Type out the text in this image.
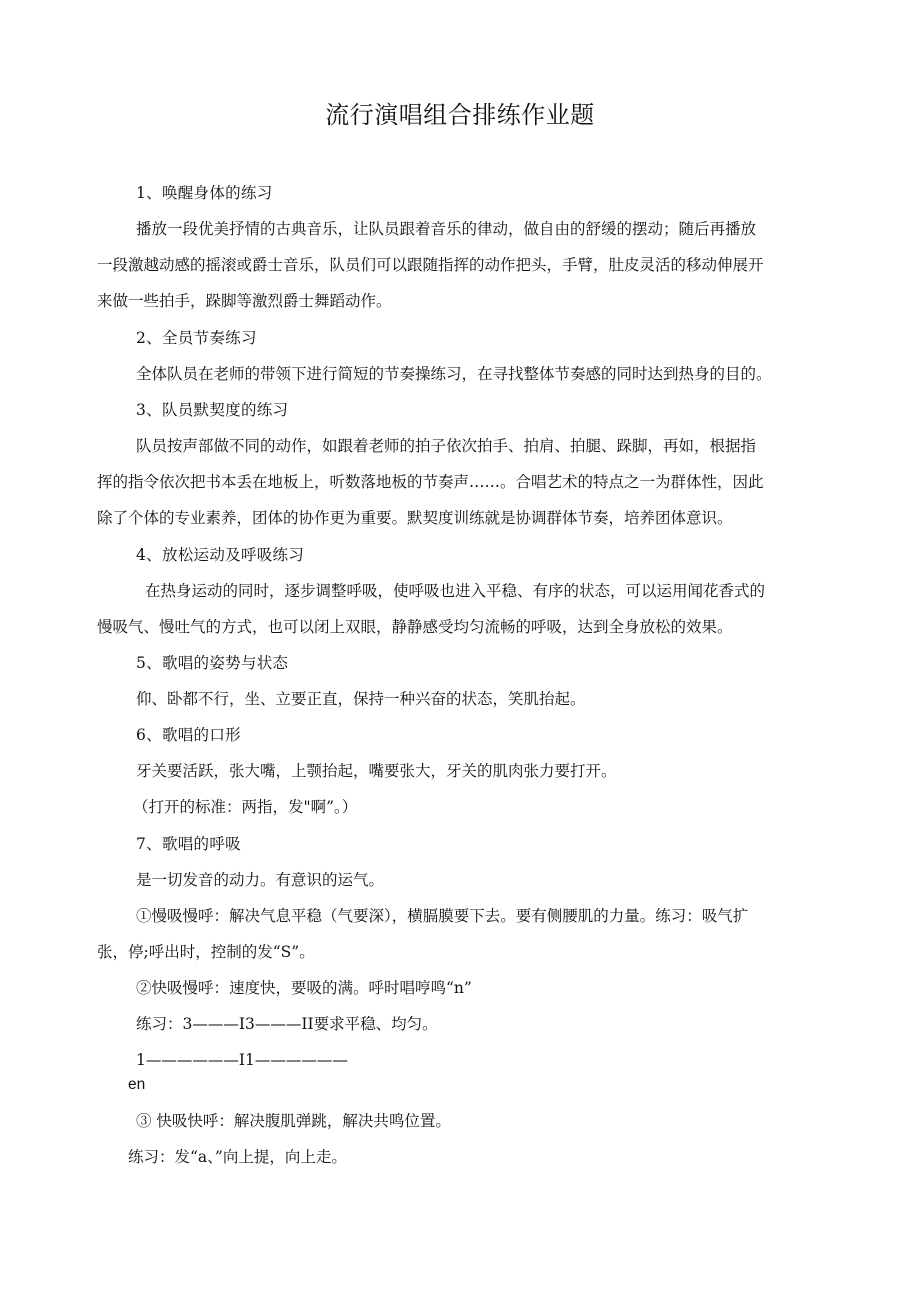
流行演唱组合排练作业题
1、唤醒身体的练习
播放一段优美抒情的古典音乐，让队员跟着音乐的律动，做自由的舒缓的摆动；随后再播放
一段激越动感的摇滚或爵士音乐，队员们可以跟随指挥的动作把头，手臂，肚皮灵活的移动伸展开
来做一些拍手，跺脚等激烈爵士舞蹈动作。
2、全员节奏练习
全体队员在老师的带领下进行简短的节奏操练习，在寻找整体节奏感的同时达到热身的目的。
3、队员默契度的练习
队员按声部做不同的动作，如跟着老师的拍子依次拍手、拍肩、拍腿、跺脚，再如，根据指
挥的指令依次把书本丢在地板上，听数落地板的节奏声……。合唱艺术的特点之一为群体性，因此
除了个体的专业素养，团体的协作更为重要。默契度训练就是协调群体节奏，培养团体意识。
4、放松运动及呼吸练习
在热身运动的同时，逐步调整呼吸，使呼吸也进入平稳、有序的状态，可以运用闻花香式的
慢吸气、慢吐气的方式，也可以闭上双眼，静静感受均匀流畅的呼吸，达到全身放松的效果。
5、歌唱的姿势与状态
仰、卧都不行，坐、立要正直，保持一种兴奋的状态，笑肌抬起。
6、歌唱的口形
牙关要活跃，张大嘴，上颚抬起，嘴要张大，牙关的肌肉张力要打开。
（打开的标准：两指，发"啊”。）
7、歌唱的呼吸
是一切发音的动力。有意识的运气。
①慢吸慢呼：解决气息平稳（气要深），横膈膜要下去。要有侧腰肌的力量。练习：吸气扩
张，停;呼出时，控制的发“S”。
②快吸慢呼：速度快，要吸的满。呼时唱哼鸣“n”
练习：3———I3———II要求平稳、均匀。
1——————I1——————
en
③ 快吸快呼：解决腹肌弹跳，解决共鸣位置。
练习：发“a、”向上提，向上走。
